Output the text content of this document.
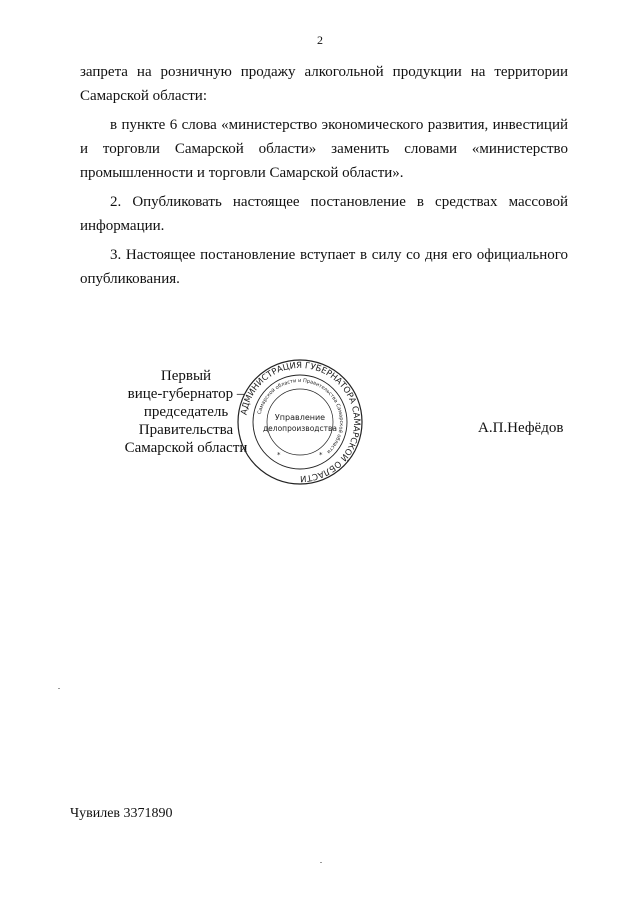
2

запрета на розничную продажу алкогольной продукции на территории Самарской области:

в пункте 6 слова «министерство экономического развития, инвестиций и торговли Самарской области» заменить словами «министерство промышленности и торговли Самарской области».

2. Опубликовать настоящее постановление в средствах массовой информации.

3. Настоящее постановление вступает в силу со дня его официального опубликования.

Первый
вице-губернатор –
председатель Правительства
Самарской области
АДМИНИСТРАЦИЯ ГУБЕРНАТОРА САМАРСКОЙ ОБЛАСТИ
Самарской области и Правительства Самарской области
Управление
делопроизводства
*	*
А.П.Нефёдов
Чувилев 3371890
